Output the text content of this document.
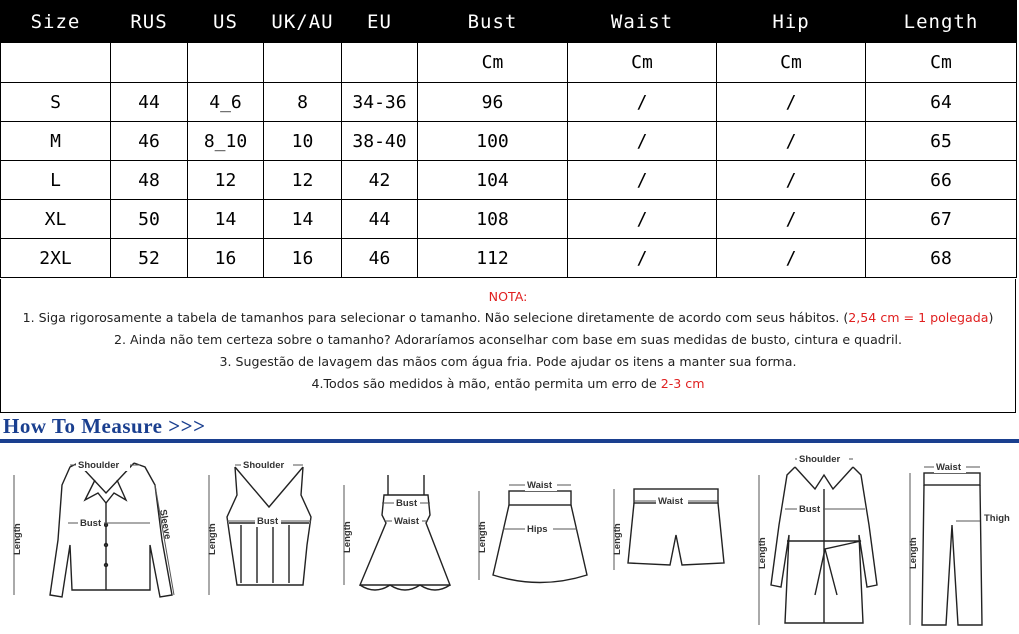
Size	RUS	US	UK/AU	EU	Bust	Waist	Hip	Length
					Cm	Cm	Cm	Cm
S	44	4_6	8	34-36	96	/	/	64
M	46	8_10	10	38-40	100	/	/	65
L	48	12	12	42	104	/	/	66
XL	50	14	14	44	108	/	/	67
2XL	52	16	16	46	112	/	/	68
NOTA:
1. Siga rigorosamente a tabela de tamanhos para selecionar o tamanho. Não selecione diretamente de acordo com seus hábitos. (2,54 cm = 1 polegada)
2. Ainda não tem certeza sobre o tamanho? Adoraríamos aconselhar com base em suas medidas de busto, cintura e quadril.
3. Sugestão de lavagem das mãos com água fria. Pode ajudar os itens a manter sua forma.
4.Todos são medidos à mão, então permita um erro de 2-3 cm
How To Measure >>>
Shoulder
Bust
Length	Sleeve
Shoulder
Bust
Length
Bust
Waist
Length
Waist
Hips
Length
Waist
Length
Shoulder
Bust
Length
Waist
Thigh
Length
